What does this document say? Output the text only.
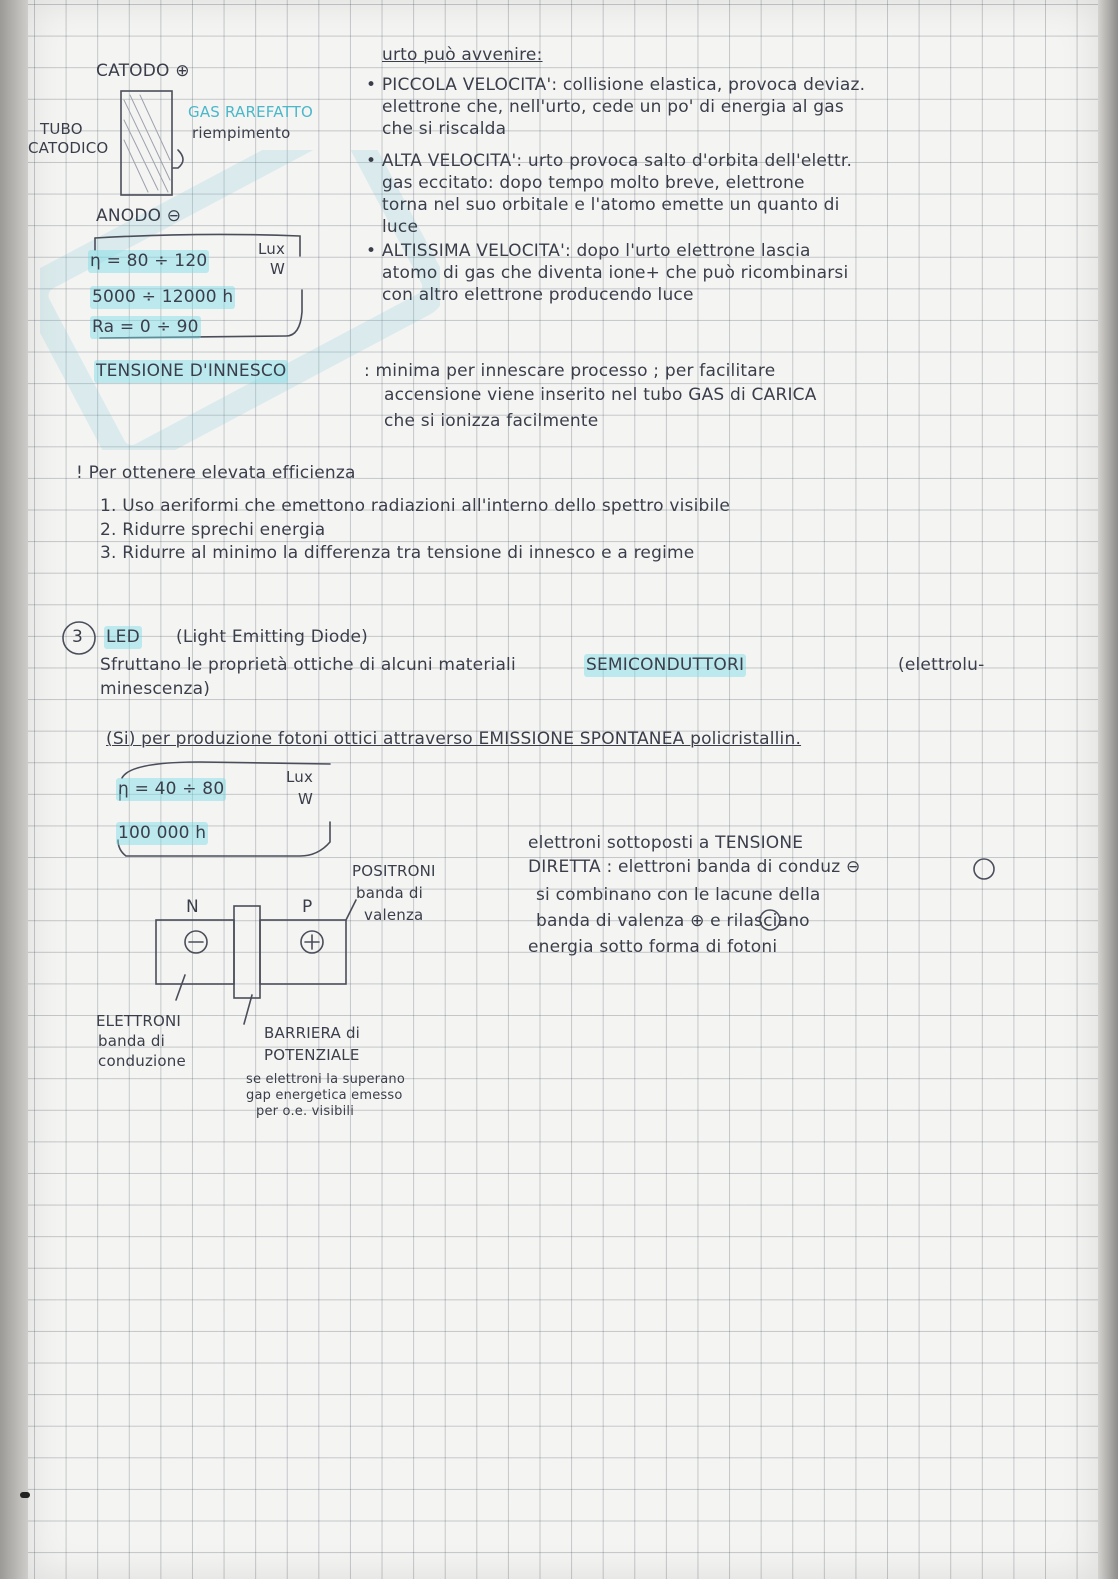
CATODO ⊕

TUBO

CATODICO

GAS RAREFATTO

riempimento

ANODO ⊖

η = 80 ÷ 120

Lux

W

5000 ÷ 12000 h

Ra = 0 ÷ 90

urto può avvenire:

• PICCOLA VELOCITA': collisione elastica, provoca deviaz.

elettrone che, nell'urto, cede un po' di energia al gas

che si riscalda

• ALTA VELOCITA': urto provoca salto d'orbita dell'elettr.

gas eccitato: dopo tempo molto breve, elettrone

torna nel suo orbitale e l'atomo emette un quanto di

luce

• ALTISSIMA VELOCITA': dopo l'urto elettrone lascia

atomo di gas che diventa ione+ che può ricombinarsi

con altro elettrone producendo luce

TENSIONE D'INNESCO	: minima per innescare processo ; per facilitare

accensione viene inserito nel tubo GAS di CARICA

che si ionizza facilmente

! Per ottenere elevata efficienza

1. Uso aeriformi che emettono radiazioni all'interno dello spettro visibile

2. Ridurre sprechi energia

3. Ridurre al minimo la differenza tra tensione di innesco e a regime

3 LED (Light Emitting Diode)

Sfruttano le proprietà ottiche di alcuni materiali	SEMICONDUTTORI	(elettrolu-

minescenza)

(Si) per produzione fotoni ottici attraverso EMISSIONE SPONTANEA policristallin.

η = 40 ÷ 80

Lux

W

100 000 h	elettroni sottoposti a TENSIONE

DIRETTA : elettroni banda di conduz ⊖

si combinano con le lacune della

banda di valenza ⊕ e rilasciano

energia sotto forma di fotoni

N	P

POSITRONI

banda di

valenza

ELETTRONI

banda di

conduzione

BARRIERA di

POTENZIALE

se elettroni la superano

gap energetica emesso

per o.e. visibili
